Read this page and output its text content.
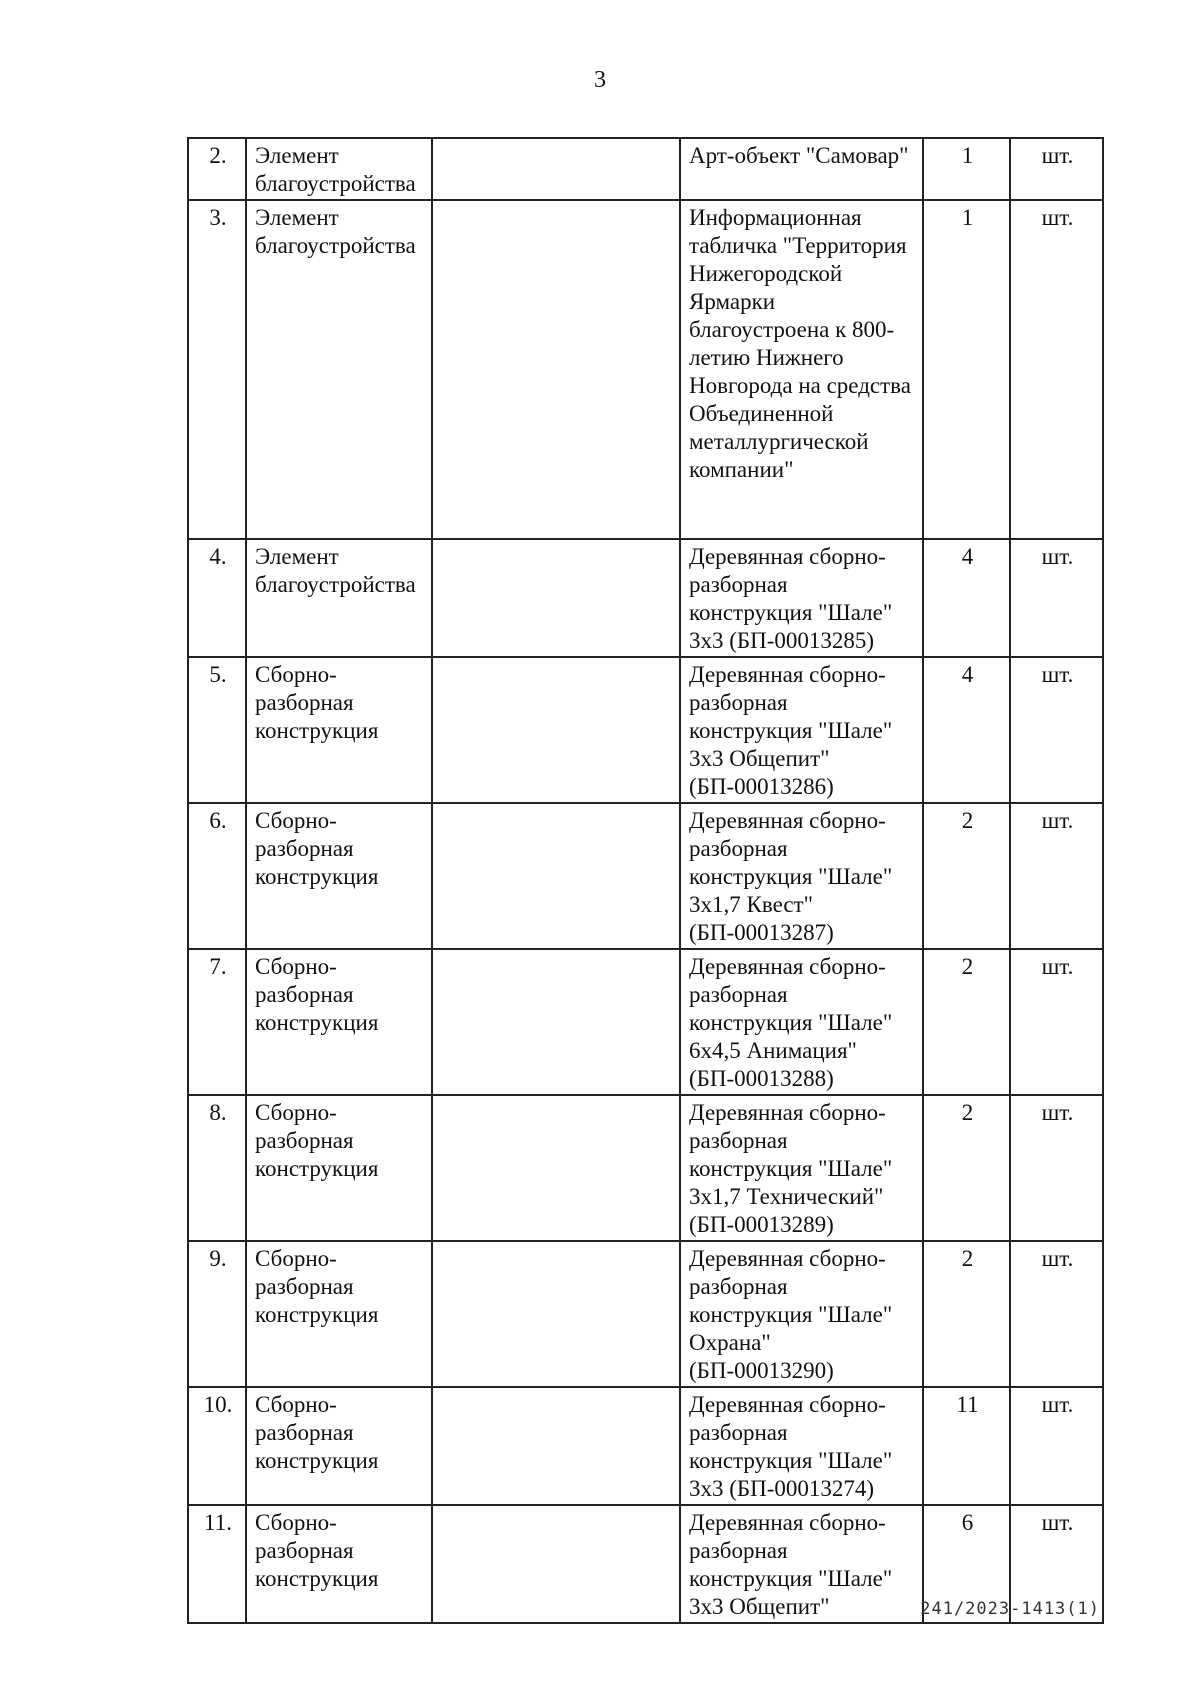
3
2.	Элемент благоустройства		Арт-объект "Самовар"	1	шт.
3.	Элемент благоустройства		Информационная табличка "Территория Нижегородской Ярмарки благоустроена к 800-летию Нижнего Новгорода на средства Объединенной металлургической компании"	1	шт.
4.	Элемент благоустройства		Деревянная сборно-разборная конструкция "Шале" 3х3 (БП-00013285)	4	шт.
5.	Сборно-разборная конструкция		Деревянная сборно-разборная конструкция "Шале" 3х3 Общепит" (БП-00013286)	4	шт.
6.	Сборно-разборная конструкция		Деревянная сборно-разборная конструкция "Шале" 3х1,7 Квест" (БП-00013287)	2	шт.
7.	Сборно-разборная конструкция		Деревянная сборно-разборная конструкция "Шале" 6х4,5 Анимация" (БП-00013288)	2	шт.
8.	Сборно-разборная конструкция		Деревянная сборно-разборная конструкция "Шале" 3х1,7 Технический" (БП-00013289)	2	шт.
9.	Сборно-разборная конструкция		Деревянная сборно-разборная конструкция "Шале" Охрана" (БП-00013290)	2	шт.
10.	Сборно-разборная конструкция		Деревянная сборно-разборная конструкция "Шале" 3х3 (БП-00013274)	11	шт.
11.	Сборно-разборная конструкция		Деревянная сборно-разборная конструкция "Шале" 3х3 Общепит"	6	шт.
241/2023-1413(1)
